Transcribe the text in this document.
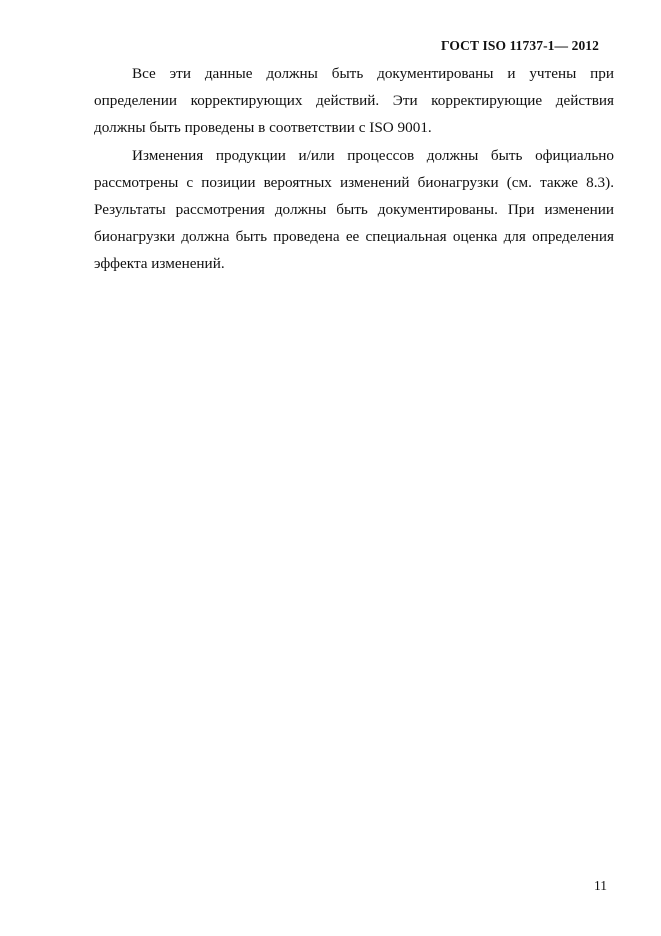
ГОСТ ISO 11737-1— 2012

Все эти данные должны быть документированы и учтены при определении корректирующих действий. Эти корректирующие действия должны быть проведены в соответствии с ISO 9001.

Изменения продукции и/или процессов должны быть официально рассмотрены с позиции вероятных изменений бионагрузки (см. также 8.3). Результаты рассмотрения должны быть документированы. При изменении бионагрузки должна быть проведена ее специальная оценка для определения эффекта изменений.

11
